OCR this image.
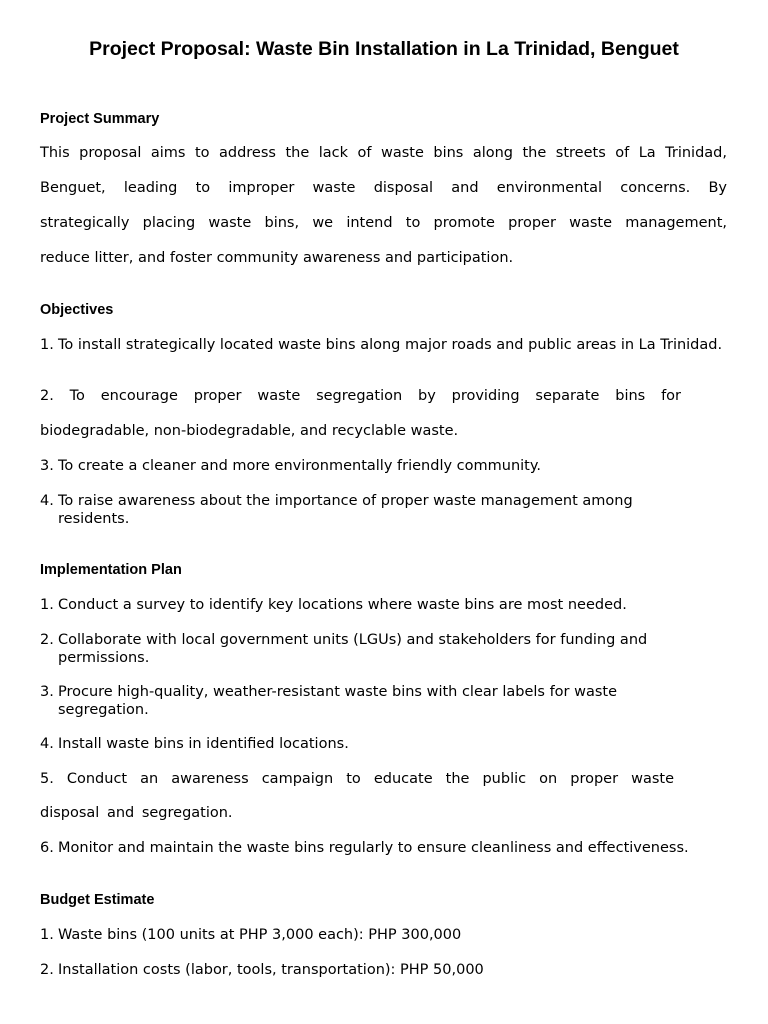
Project Proposal: Waste Bin Installation in La Trinidad, Benguet
Project Summary
This proposal aims to address the lack of waste bins along the streets of La Trinidad,
Benguet, leading to improper waste disposal and environmental concerns. By
strategically placing waste bins, we intend to promote proper waste management,
reduce litter, and foster community awareness and participation.
Objectives
1. To install strategically located waste bins along major roads and public areas in La Trinidad.
2. To encourage proper waste segregation by providing separate bins for
biodegradable, non-biodegradable, and recyclable waste.
3. To create a cleaner and more environmentally friendly community.
4. To raise awareness about the importance of proper waste management among residents.
Implementation Plan
1. Conduct a survey to identify key locations where waste bins are most needed.
2. Collaborate with local government units (LGUs) and stakeholders for funding and permissions.
3. Procure high-quality, weather-resistant waste bins with clear labels for waste segregation.
4. Install waste bins in identified locations.
5. Conduct an awareness campaign to educate the public on proper waste
disposal and segregation.
6. Monitor and maintain the waste bins regularly to ensure cleanliness and effectiveness.
Budget Estimate
1. Waste bins (100 units at PHP 3,000 each): PHP 300,000
2. Installation costs (labor, tools, transportation): PHP 50,000
